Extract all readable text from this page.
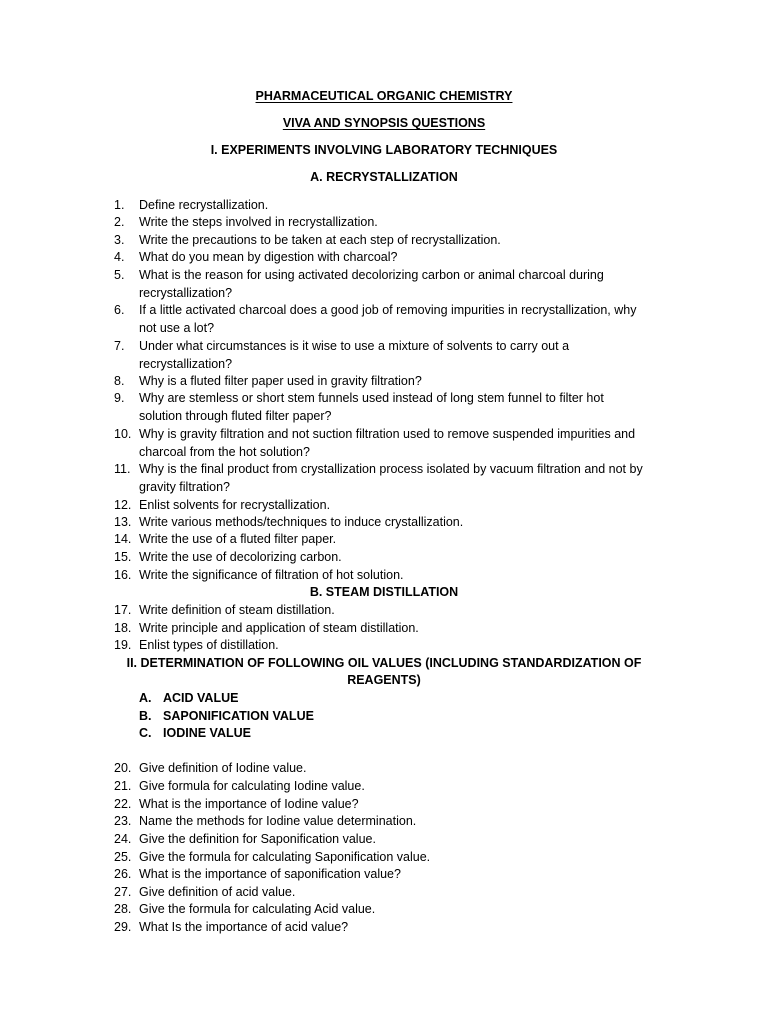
PHARMACEUTICAL ORGANIC CHEMISTRY
VIVA AND SYNOPSIS QUESTIONS
I. EXPERIMENTS INVOLVING LABORATORY TECHNIQUES
A. RECRYSTALLIZATION
1.	Define recrystallization.
2.	Write the steps involved in recrystallization.
3.	Write the precautions to be taken at each step of recrystallization.
4.	What do you mean by digestion with charcoal?
5.	What is the reason for using activated decolorizing carbon or animal charcoal during
recrystallization?
6.	If a little activated charcoal does a good job of removing impurities in recrystallization, why
not use a lot?
7.	Under what circumstances is it wise to use a mixture of solvents to carry out a
recrystallization?
8.	Why is a fluted filter paper used in gravity filtration?
9.	Why are stemless or short stem funnels used instead of long stem funnel to filter hot
solution through fluted filter paper?
10. Why is gravity filtration and not suction filtration used to remove suspended impurities and
charcoal from the hot solution?
11. Why is the final product from crystallization process isolated by vacuum filtration and not by
gravity filtration?
12. Enlist solvents for recrystallization.
13. Write various methods/techniques to induce crystallization.
14. Write the use of a fluted filter paper.
15. Write the use of decolorizing carbon.
16. Write the significance of filtration of hot solution.
17. Write definition of steam distillation.
18. Write principle and application of steam distillation.
19. Enlist types of distillation.
20. Give definition of Iodine value.
21. Give formula for calculating Iodine value.
22. What is the importance of Iodine value?
23. Name the methods for Iodine value determination.
24. Give the definition for Saponification value.
25. Give the formula for calculating Saponification value.
26. What is the importance of saponification value?
27. Give definition of acid value.
28. Give the formula for calculating Acid value.
29. What Is the importance of acid value?
B. STEAM DISTILLATION
II. DETERMINATION OF FOLLOWING OIL VALUES (INCLUDING STANDARDIZATION OF
REAGENTS)
A. ACID VALUE
B. SAPONIFICATION VALUE
C. IODINE VALUE
